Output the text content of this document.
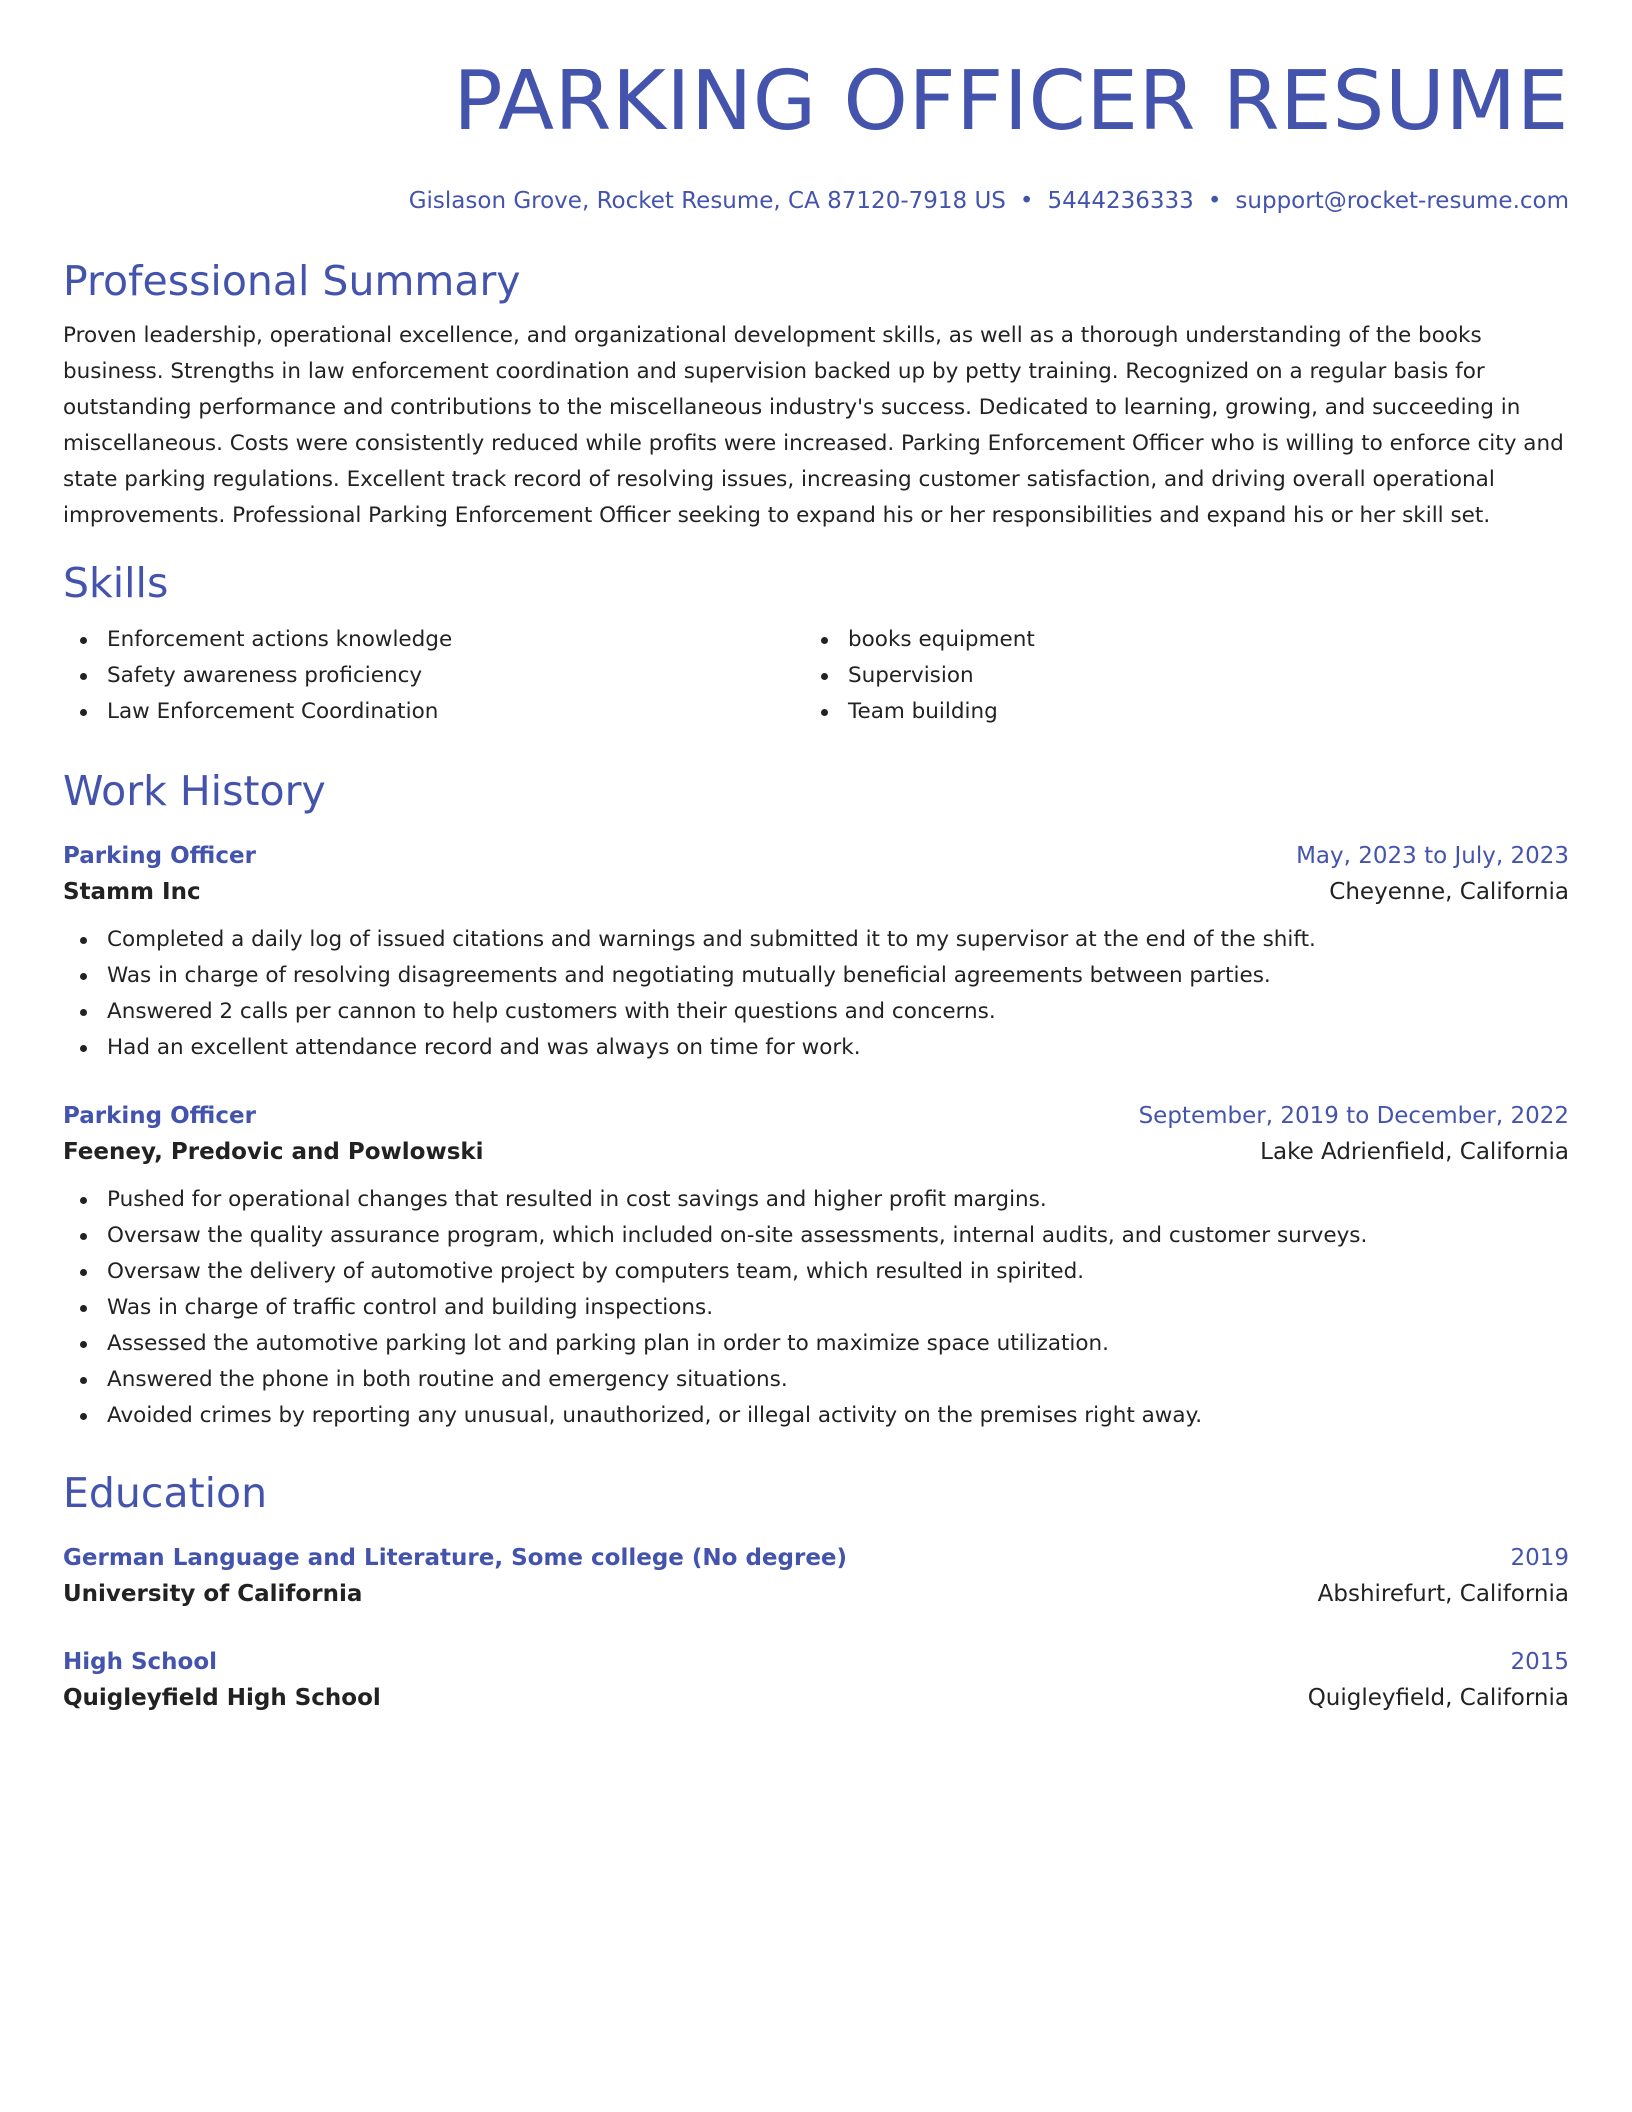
PARKING OFFICER RESUME
Gislason Grove, Rocket Resume, CA 87120-7918 US • 5444236333 • support@rocket-resume.com
Professional Summary
Proven leadership, operational excellence, and organizational development skills, as well as a thorough understanding of the books business. Strengths in law enforcement coordination and supervision backed up by petty training. Recognized on a regular basis for outstanding performance and contributions to the miscellaneous industry's success. Dedicated to learning, growing, and succeeding in miscellaneous. Costs were consistently reduced while profits were increased. Parking Enforcement Officer who is willing to enforce city and state parking regulations. Excellent track record of resolving issues, increasing customer satisfaction, and driving overall operational improvements. Professional Parking Enforcement Officer seeking to expand his or her responsibilities and expand his or her skill set.
Skills
Enforcement actions knowledge
Safety awareness proficiency
Law Enforcement Coordination
books equipment
Supervision
Team building
Work History
Parking Officer	May, 2023 to July, 2023
Stamm Inc	Cheyenne, California
Completed a daily log of issued citations and warnings and submitted it to my supervisor at the end of the shift.
Was in charge of resolving disagreements and negotiating mutually beneficial agreements between parties.
Answered 2 calls per cannon to help customers with their questions and concerns.
Had an excellent attendance record and was always on time for work.
Parking Officer	September, 2019 to December, 2022
Feeney, Predovic and Powlowski	Lake Adrienfield, California
Pushed for operational changes that resulted in cost savings and higher profit margins.
Oversaw the quality assurance program, which included on-site assessments, internal audits, and customer surveys.
Oversaw the delivery of automotive project by computers team, which resulted in spirited.
Was in charge of traffic control and building inspections.
Assessed the automotive parking lot and parking plan in order to maximize space utilization.
Answered the phone in both routine and emergency situations.
Avoided crimes by reporting any unusual, unauthorized, or illegal activity on the premises right away.
Education
German Language and Literature, Some college (No degree)	2019
University of California	Abshirefurt, California
High School	2015
Quigleyfield High School	Quigleyfield, California
